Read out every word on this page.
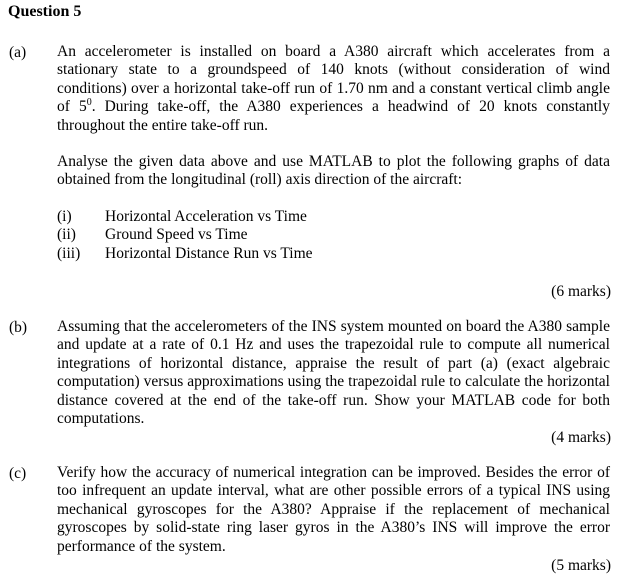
Question 5
(a) An accelerometer is installed on board a A380 aircraft which accelerates from a stationary state to a groundspeed of 140 knots (without consideration of wind conditions) over a horizontal take-off run of 1.70 nm and a constant vertical climb angle of $5^0$. During take-off, the A380 experiences a headwind of 20 knots constantly throughout the entire take-off run.
Analyse the given data above and use MATLAB to plot the following graphs of data obtained from the longitudinal (roll) axis direction of the aircraft:
(i)	Horizontal Acceleration vs Time
(ii)	Ground Speed vs Time
(iii)	Horizontal Distance Run vs Time
(6 marks)
(b) Assuming that the accelerometers of the INS system mounted on board the A380 sample and update at a rate of 0.1 Hz and uses the trapezoidal rule to compute all numerical integrations of horizontal distance, appraise the result of part (a) (exact algebraic computation) versus approximations using the trapezoidal rule to calculate the horizontal distance covered at the end of the take-off run. Show your MATLAB code for both computations.
(4 marks)
(c) Verify how the accuracy of numerical integration can be improved. Besides the error of too infrequent an update interval, what are other possible errors of a typical INS using mechanical gyroscopes for the A380? Appraise if the replacement of mechanical gyroscopes by solid-state ring laser gyros in the A380’s INS will improve the error performance of the system.
(5 marks)
